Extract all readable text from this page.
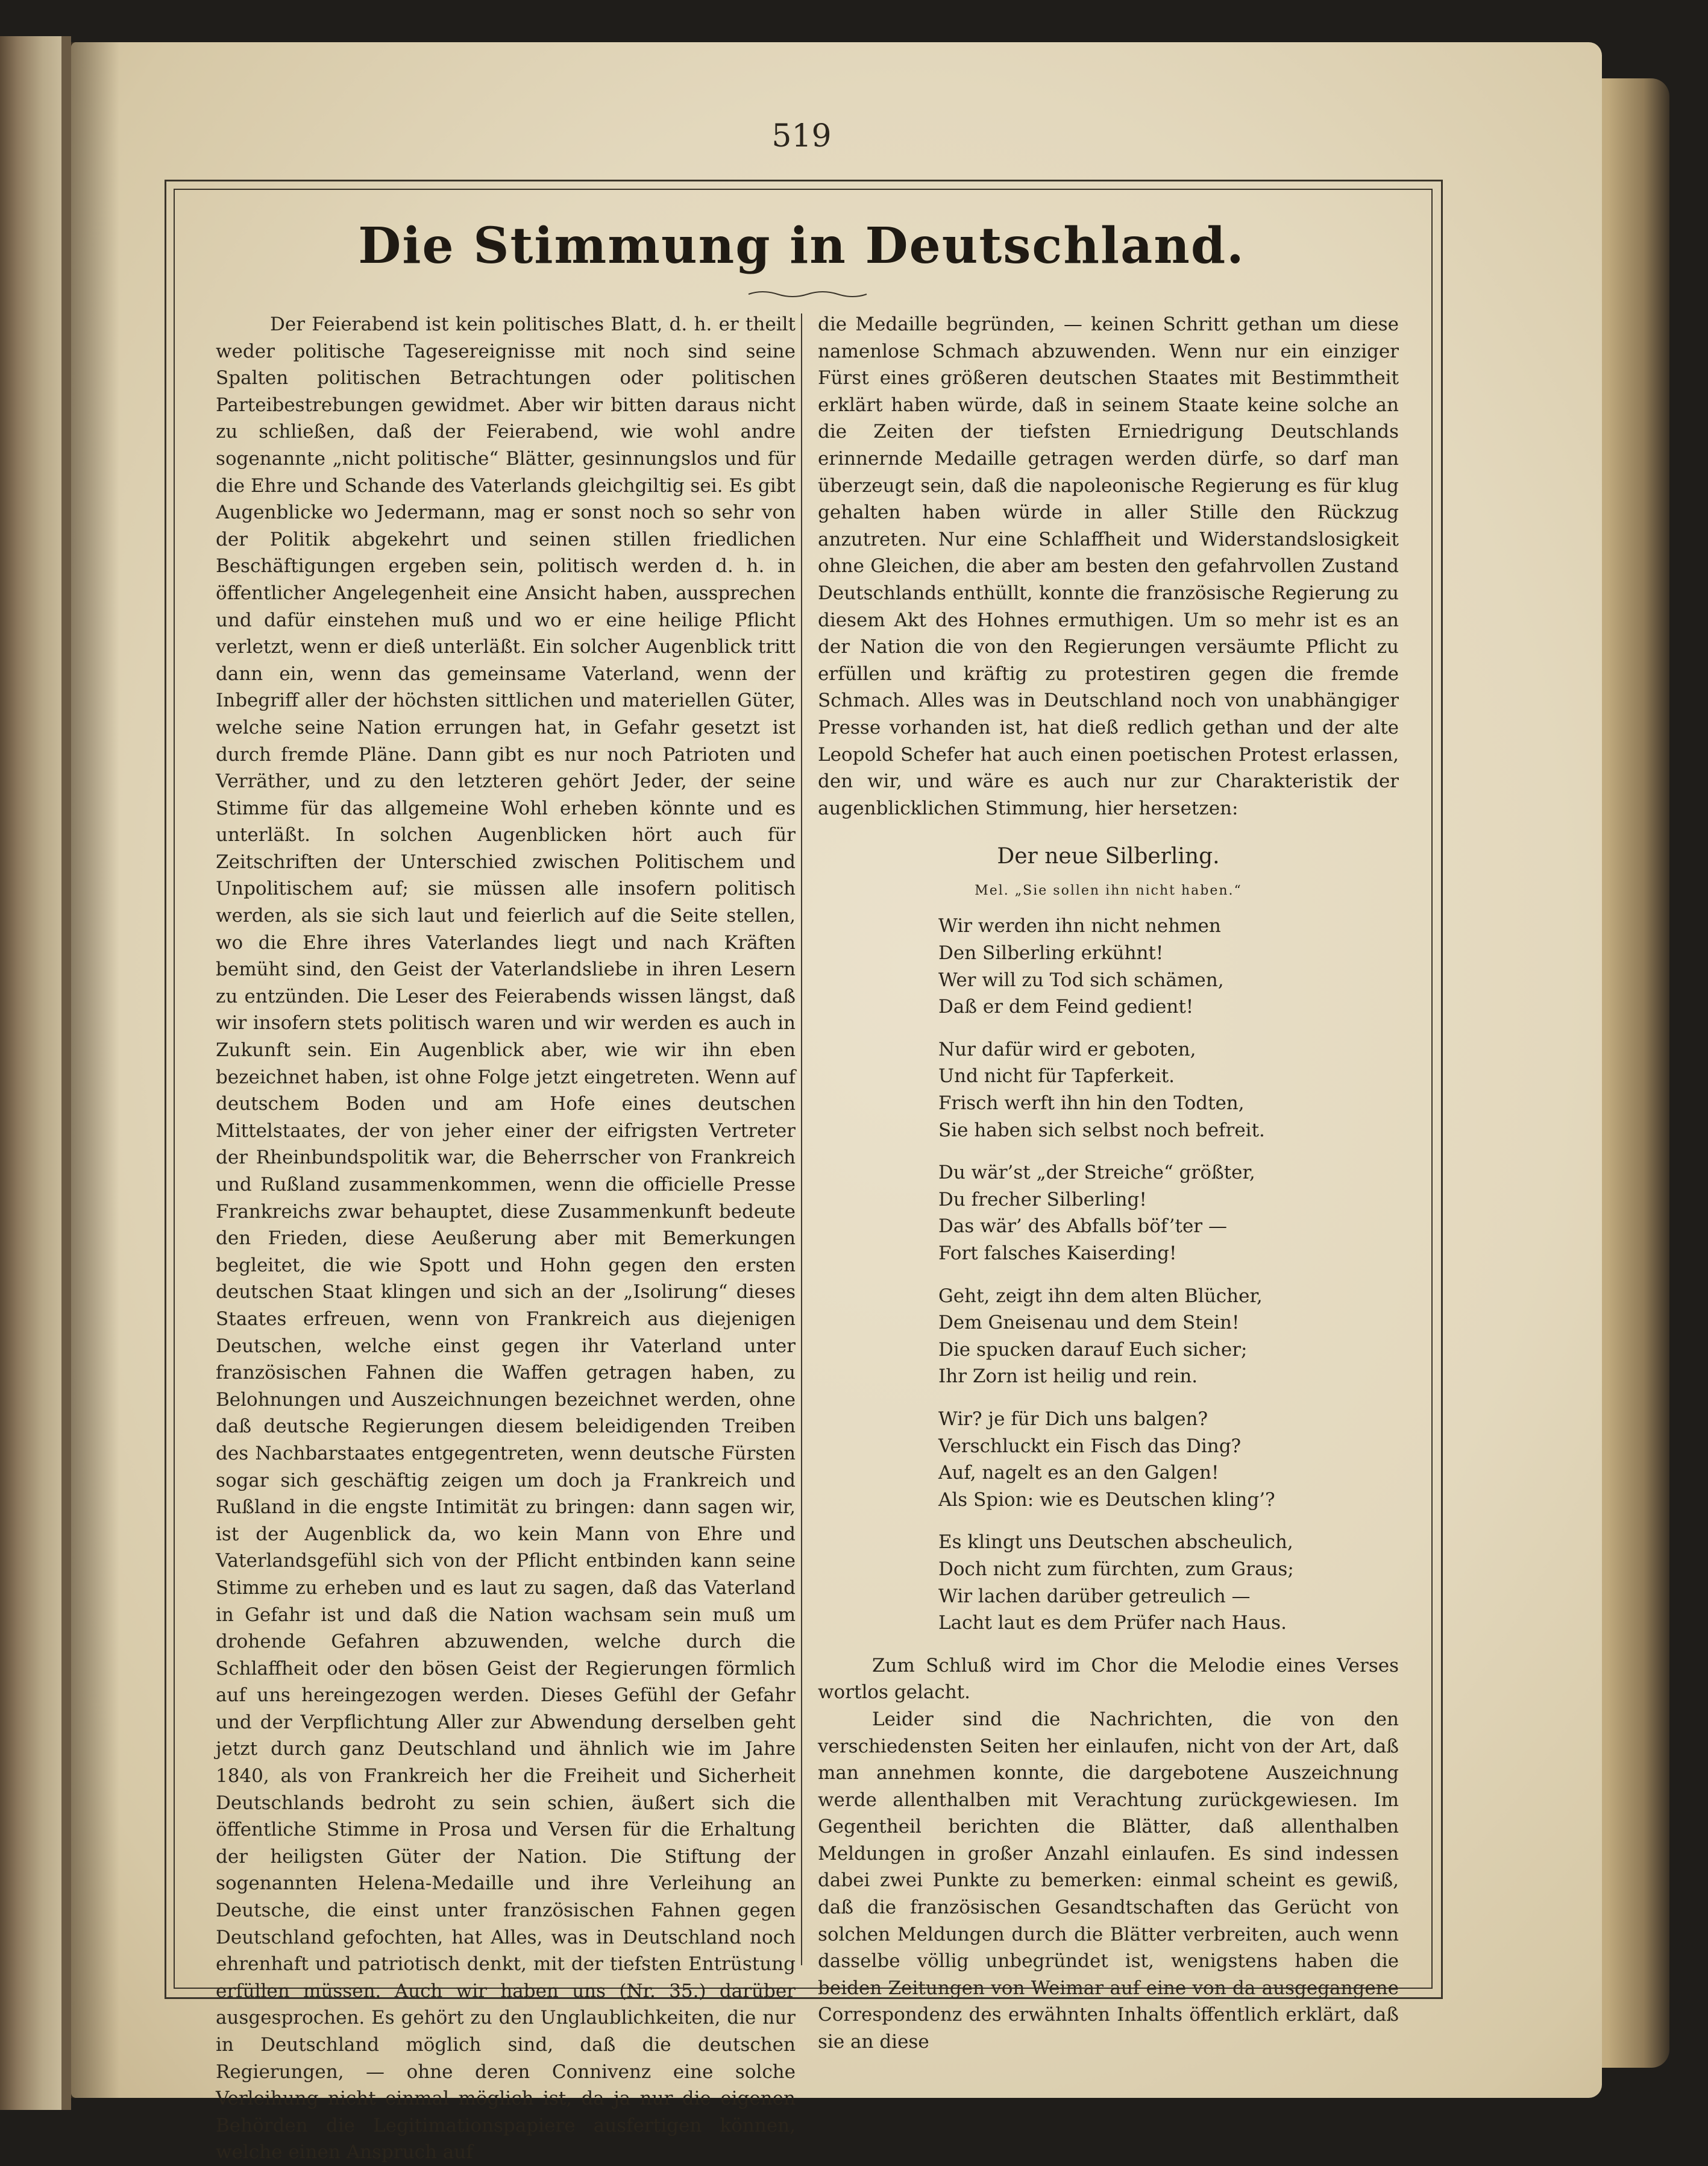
519
Die Stimmung in Deutschland.

Der Feierabend ist kein politisches Blatt, d. h. er theilt weder politische Tagesereignisse mit noch sind seine Spalten politischen Betrachtungen oder politischen Parteibestrebungen gewidmet. Aber wir bitten daraus nicht zu schließen, daß der Feierabend, wie wohl andre sogenannte „nicht politische“ Blätter, gesinnungslos und für die Ehre und Schande des Vaterlands gleichgiltig sei. Es gibt Augenblicke wo Jedermann, mag er sonst noch so sehr von der Politik abgekehrt und seinen stillen friedlichen Beschäftigungen ergeben sein, politisch werden d. h. in öffentlicher Angelegenheit eine Ansicht haben, aussprechen und dafür einstehen muß und wo er eine heilige Pflicht verletzt, wenn er dieß unterläßt. Ein solcher Augenblick tritt dann ein, wenn das gemeinsame Vaterland, wenn der Inbegriff aller der höchsten sittlichen und materiellen Güter, welche seine Nation errungen hat, in Gefahr gesetzt ist durch fremde Pläne. Dann gibt es nur noch Patrioten und Verräther, und zu den letzteren gehört Jeder, der seine Stimme für das allgemeine Wohl erheben könnte und es unterläßt. In solchen Augenblicken hört auch für Zeitschriften der Unterschied zwischen Politischem und Unpolitischem auf; sie müssen alle insofern politisch werden, als sie sich laut und feierlich auf die Seite stellen, wo die Ehre ihres Vaterlandes liegt und nach Kräften bemüht sind, den Geist der Vaterlandsliebe in ihren Lesern zu entzünden. Die Leser des Feierabends wissen längst, daß wir insofern stets politisch waren und wir werden es auch in Zukunft sein. Ein Augenblick aber, wie wir ihn eben bezeichnet haben, ist ohne Folge jetzt eingetreten. Wenn auf deutschem Boden und am Hofe eines deutschen Mittelstaates, der von jeher einer der eifrigsten Vertreter der Rheinbundspolitik war, die Beherrscher von Frankreich und Rußland zusammenkommen, wenn die officielle Presse Frankreichs zwar behauptet, diese Zusammenkunft bedeute den Frieden, diese Aeußerung aber mit Bemerkungen begleitet, die wie Spott und Hohn gegen den ersten deutschen Staat klingen und sich an der „Isolirung“ dieses Staates erfreuen, wenn von Frankreich aus diejenigen Deutschen, welche einst gegen ihr Vaterland unter französischen Fahnen die Waffen getragen haben, zu Belohnungen und Auszeichnungen bezeichnet werden, ohne daß deutsche Regierungen diesem beleidigenden Treiben des Nachbarstaates entgegentreten, wenn deutsche Fürsten sogar sich geschäftig zeigen um doch ja Frankreich und Rußland in die engste Intimität zu bringen: dann sagen wir, ist der Augenblick da, wo kein Mann von Ehre und Vaterlandsgefühl sich von der Pflicht entbinden kann seine Stimme zu erheben und es laut zu sagen, daß das Vaterland in Gefahr ist und daß die Nation wachsam sein muß um drohende Gefahren abzuwenden, welche durch die Schlaffheit oder den bösen Geist der Regierungen förmlich auf uns hereingezogen werden. Dieses Gefühl der Gefahr und der Verpflichtung Aller zur Abwendung derselben geht jetzt durch ganz Deutschland und ähnlich wie im Jahre 1840, als von Frankreich her die Freiheit und Sicherheit Deutschlands bedroht zu sein schien, äußert sich die öffentliche Stimme in Prosa und Versen für die Erhaltung der heiligsten Güter der Nation. Die Stiftung der sogenannten Helena-Medaille und ihre Verleihung an Deutsche, die einst unter französischen Fahnen gegen Deutschland gefochten, hat Alles, was in Deutschland noch ehrenhaft und patriotisch denkt, mit der tiefsten Entrüstung erfüllen müssen. Auch wir haben uns (Nr. 35.) darüber ausgesprochen. Es gehört zu den Unglaublichkeiten, die nur in Deutschland möglich sind, daß die deutschen Regierungen, — ohne deren Connivenz eine solche Verleihung nicht einmal möglich ist, da ja nur die eigenen Behörden die Legitimationspapiere ausfertigen können, welche einen Anspruch auf

die Medaille begründen, — keinen Schritt gethan um diese namenlose Schmach abzuwenden. Wenn nur ein einziger Fürst eines größeren deutschen Staates mit Bestimmtheit erklärt haben würde, daß in seinem Staate keine solche an die Zeiten der tiefsten Erniedrigung Deutschlands erinnernde Medaille getragen werden dürfe, so darf man überzeugt sein, daß die napoleonische Regierung es für klug gehalten haben würde in aller Stille den Rückzug anzutreten. Nur eine Schlaffheit und Widerstandslosigkeit ohne Gleichen, die aber am besten den gefahrvollen Zustand Deutschlands enthüllt, konnte die französische Regierung zu diesem Akt des Hohnes ermuthigen. Um so mehr ist es an der Nation die von den Regierungen versäumte Pflicht zu erfüllen und kräftig zu protestiren gegen die fremde Schmach. Alles was in Deutschland noch von unabhängiger Presse vorhanden ist, hat dieß redlich gethan und der alte Leopold Schefer hat auch einen poetischen Protest erlassen, den wir, und wäre es auch nur zur Charakteristik der augenblicklichen Stimmung, hier hersetzen:

Der neue Silberling.
Mel. „Sie sollen ihn nicht haben.“
Wir werden ihn nicht nehmen
Den Silberling erkühnt!
Wer will zu Tod sich schämen,
Daß er dem Feind gedient!
Nur dafür wird er geboten,
Und nicht für Tapferkeit.
Frisch werft ihn hin den Todten,
Sie haben sich selbst noch befreit.
Du wär’st „der Streiche“ größter,
Du frecher Silberling!
Das wär’ des Abfalls böf’ter —
Fort falsches Kaiserding!
Geht, zeigt ihn dem alten Blücher,
Dem Gneisenau und dem Stein!
Die spucken darauf Euch sicher;
Ihr Zorn ist heilig und rein.
Wir? je für Dich uns balgen?
Verschluckt ein Fisch das Ding?
Auf, nagelt es an den Galgen!
Als Spion: wie es Deutschen kling’?
Es klingt uns Deutschen abscheulich,
Doch nicht zum fürchten, zum Graus;
Wir lachen darüber getreulich —
Lacht laut es dem Prüfer nach Haus.

Zum Schluß wird im Chor die Melodie eines Verses wortlos gelacht.

Leider sind die Nachrichten, die von den verschiedensten Seiten her einlaufen, nicht von der Art, daß man annehmen konnte, die dargebotene Auszeichnung werde allenthalben mit Verachtung zurückgewiesen. Im Gegentheil berichten die Blätter, daß allenthalben Meldungen in großer Anzahl einlaufen. Es sind indessen dabei zwei Punkte zu bemerken: einmal scheint es gewiß, daß die französischen Gesandtschaften das Gerücht von solchen Meldungen durch die Blätter verbreiten, auch wenn dasselbe völlig unbegründet ist, wenigstens haben die beiden Zeitungen von Weimar auf eine von da ausgegangene Correspondenz des erwähnten Inhalts öffentlich erklärt, daß sie an diese
